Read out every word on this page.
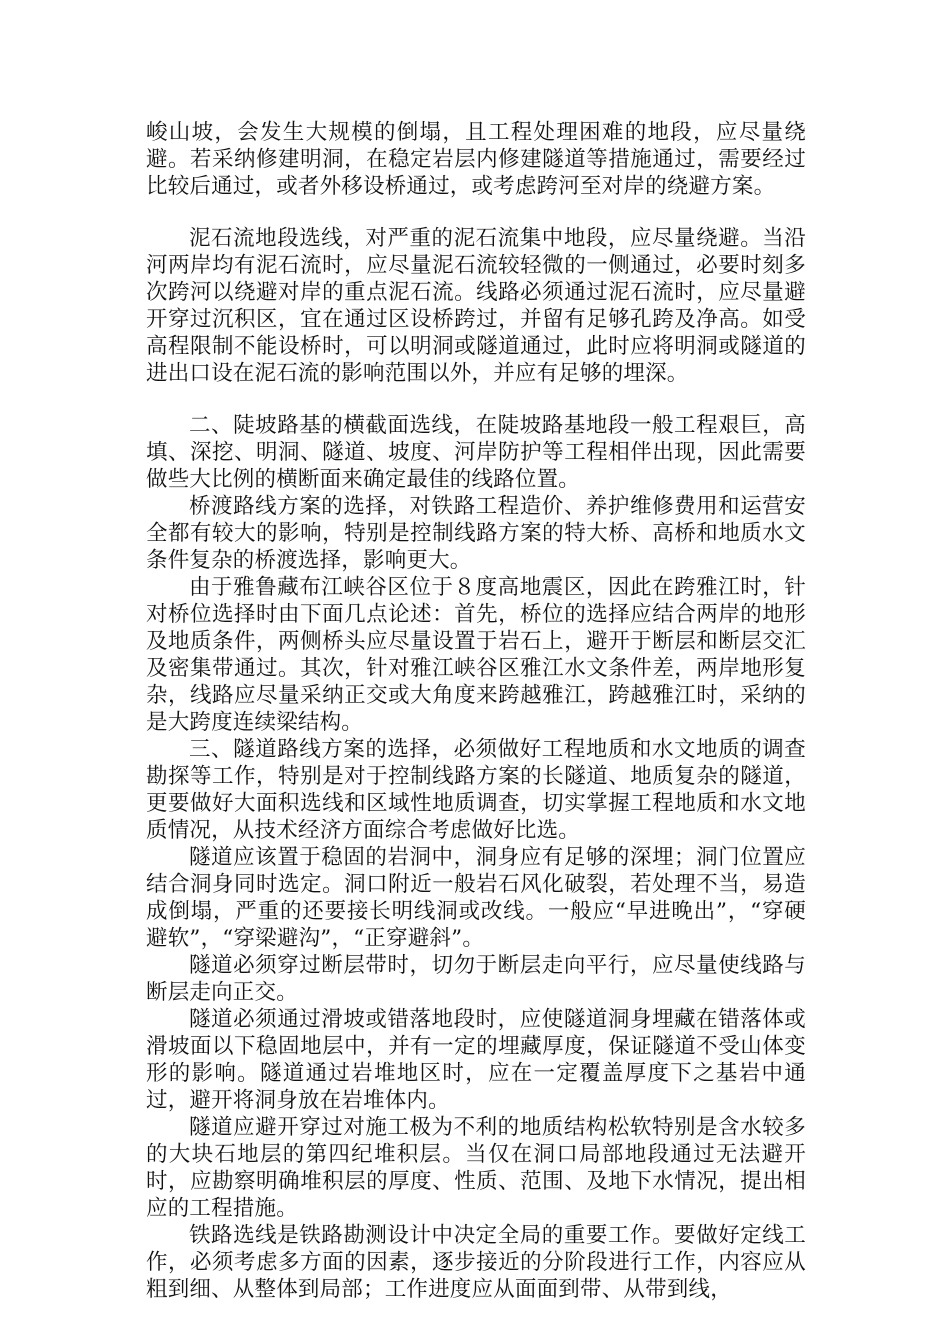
峻山坡，会发生大规模的倒塌，且工程处理困难的地段，应尽量绕避。若采纳修建明洞，在稳定岩层内修建隧道等措施通过，需要经过比较后通过，或者外移设桥通过，或考虑跨河至对岸的绕避方案。

泥石流地段选线，对严重的泥石流集中地段，应尽量绕避。当沿河两岸均有泥石流时，应尽量泥石流较轻微的一侧通过，必要时刻多次跨河以绕避对岸的重点泥石流。线路必须通过泥石流时，应尽量避开穿过沉积区，宜在通过区设桥跨过，并留有足够孔跨及净高。如受高程限制不能设桥时，可以明洞或隧道通过，此时应将明洞或隧道的进出口设在泥石流的影响范围以外，并应有足够的埋深。

二、陡坡路基的横截面选线，在陡坡路基地段一般工程艰巨，高填、深挖、明洞、隧道、坡度、河岸防护等工程相伴出现，因此需要做些大比例的横断面来确定最佳的线路位置。

桥渡路线方案的选择，对铁路工程造价、养护维修费用和运营安全都有较大的影响，特别是控制线路方案的特大桥、高桥和地质水文条件复杂的桥渡选择，影响更大。

由于雅鲁藏布江峡谷区位于８度高地震区，因此在跨雅江时，针对桥位选择时由下面几点论述：首先，桥位的选择应结合两岸的地形及地质条件，两侧桥头应尽量设置于岩石上，避开于断层和断层交汇及密集带通过。其次，针对雅江峡谷区雅江水文条件差，两岸地形复杂，线路应尽量采纳正交或大角度来跨越雅江，跨越雅江时，采纳的是大跨度连续梁结构。

三、隧道路线方案的选择，必须做好工程地质和水文地质的调查勘探等工作，特别是对于控制线路方案的长隧道、地质复杂的隧道，更要做好大面积选线和区域性地质调查，切实掌握工程地质和水文地质情况，从技术经济方面综合考虑做好比选。

隧道应该置于稳固的岩洞中，洞身应有足够的深埋；洞门位置应结合洞身同时选定。洞口附近一般岩石风化破裂，若处理不当，易造成倒塌，严重的还要接长明线洞或改线。一般应“早进晚出”，“穿硬避软”，“穿梁避沟”，“正穿避斜”。

隧道必须穿过断层带时，切勿于断层走向平行，应尽量使线路与断层走向正交。

隧道必须通过滑坡或错落地段时，应使隧道洞身埋藏在错落体或滑坡面以下稳固地层中，并有一定的埋藏厚度，保证隧道不受山体变形的影响。隧道通过岩堆地区时，应在一定覆盖厚度下之基岩中通过，避开将洞身放在岩堆体内。

隧道应避开穿过对施工极为不利的地质结构松软特别是含水较多的大块石地层的第四纪堆积层。当仅在洞口局部地段通过无法避开时，应勘察明确堆积层的厚度、性质、范围、及地下水情况，提出相应的工程措施。

铁路选线是铁路勘测设计中决定全局的重要工作。要做好定线工作，必须考虑多方面的因素，逐步接近的分阶段进行工作，内容应从粗到细、从整体到局部；工作进度应从面面到带、从带到线，
